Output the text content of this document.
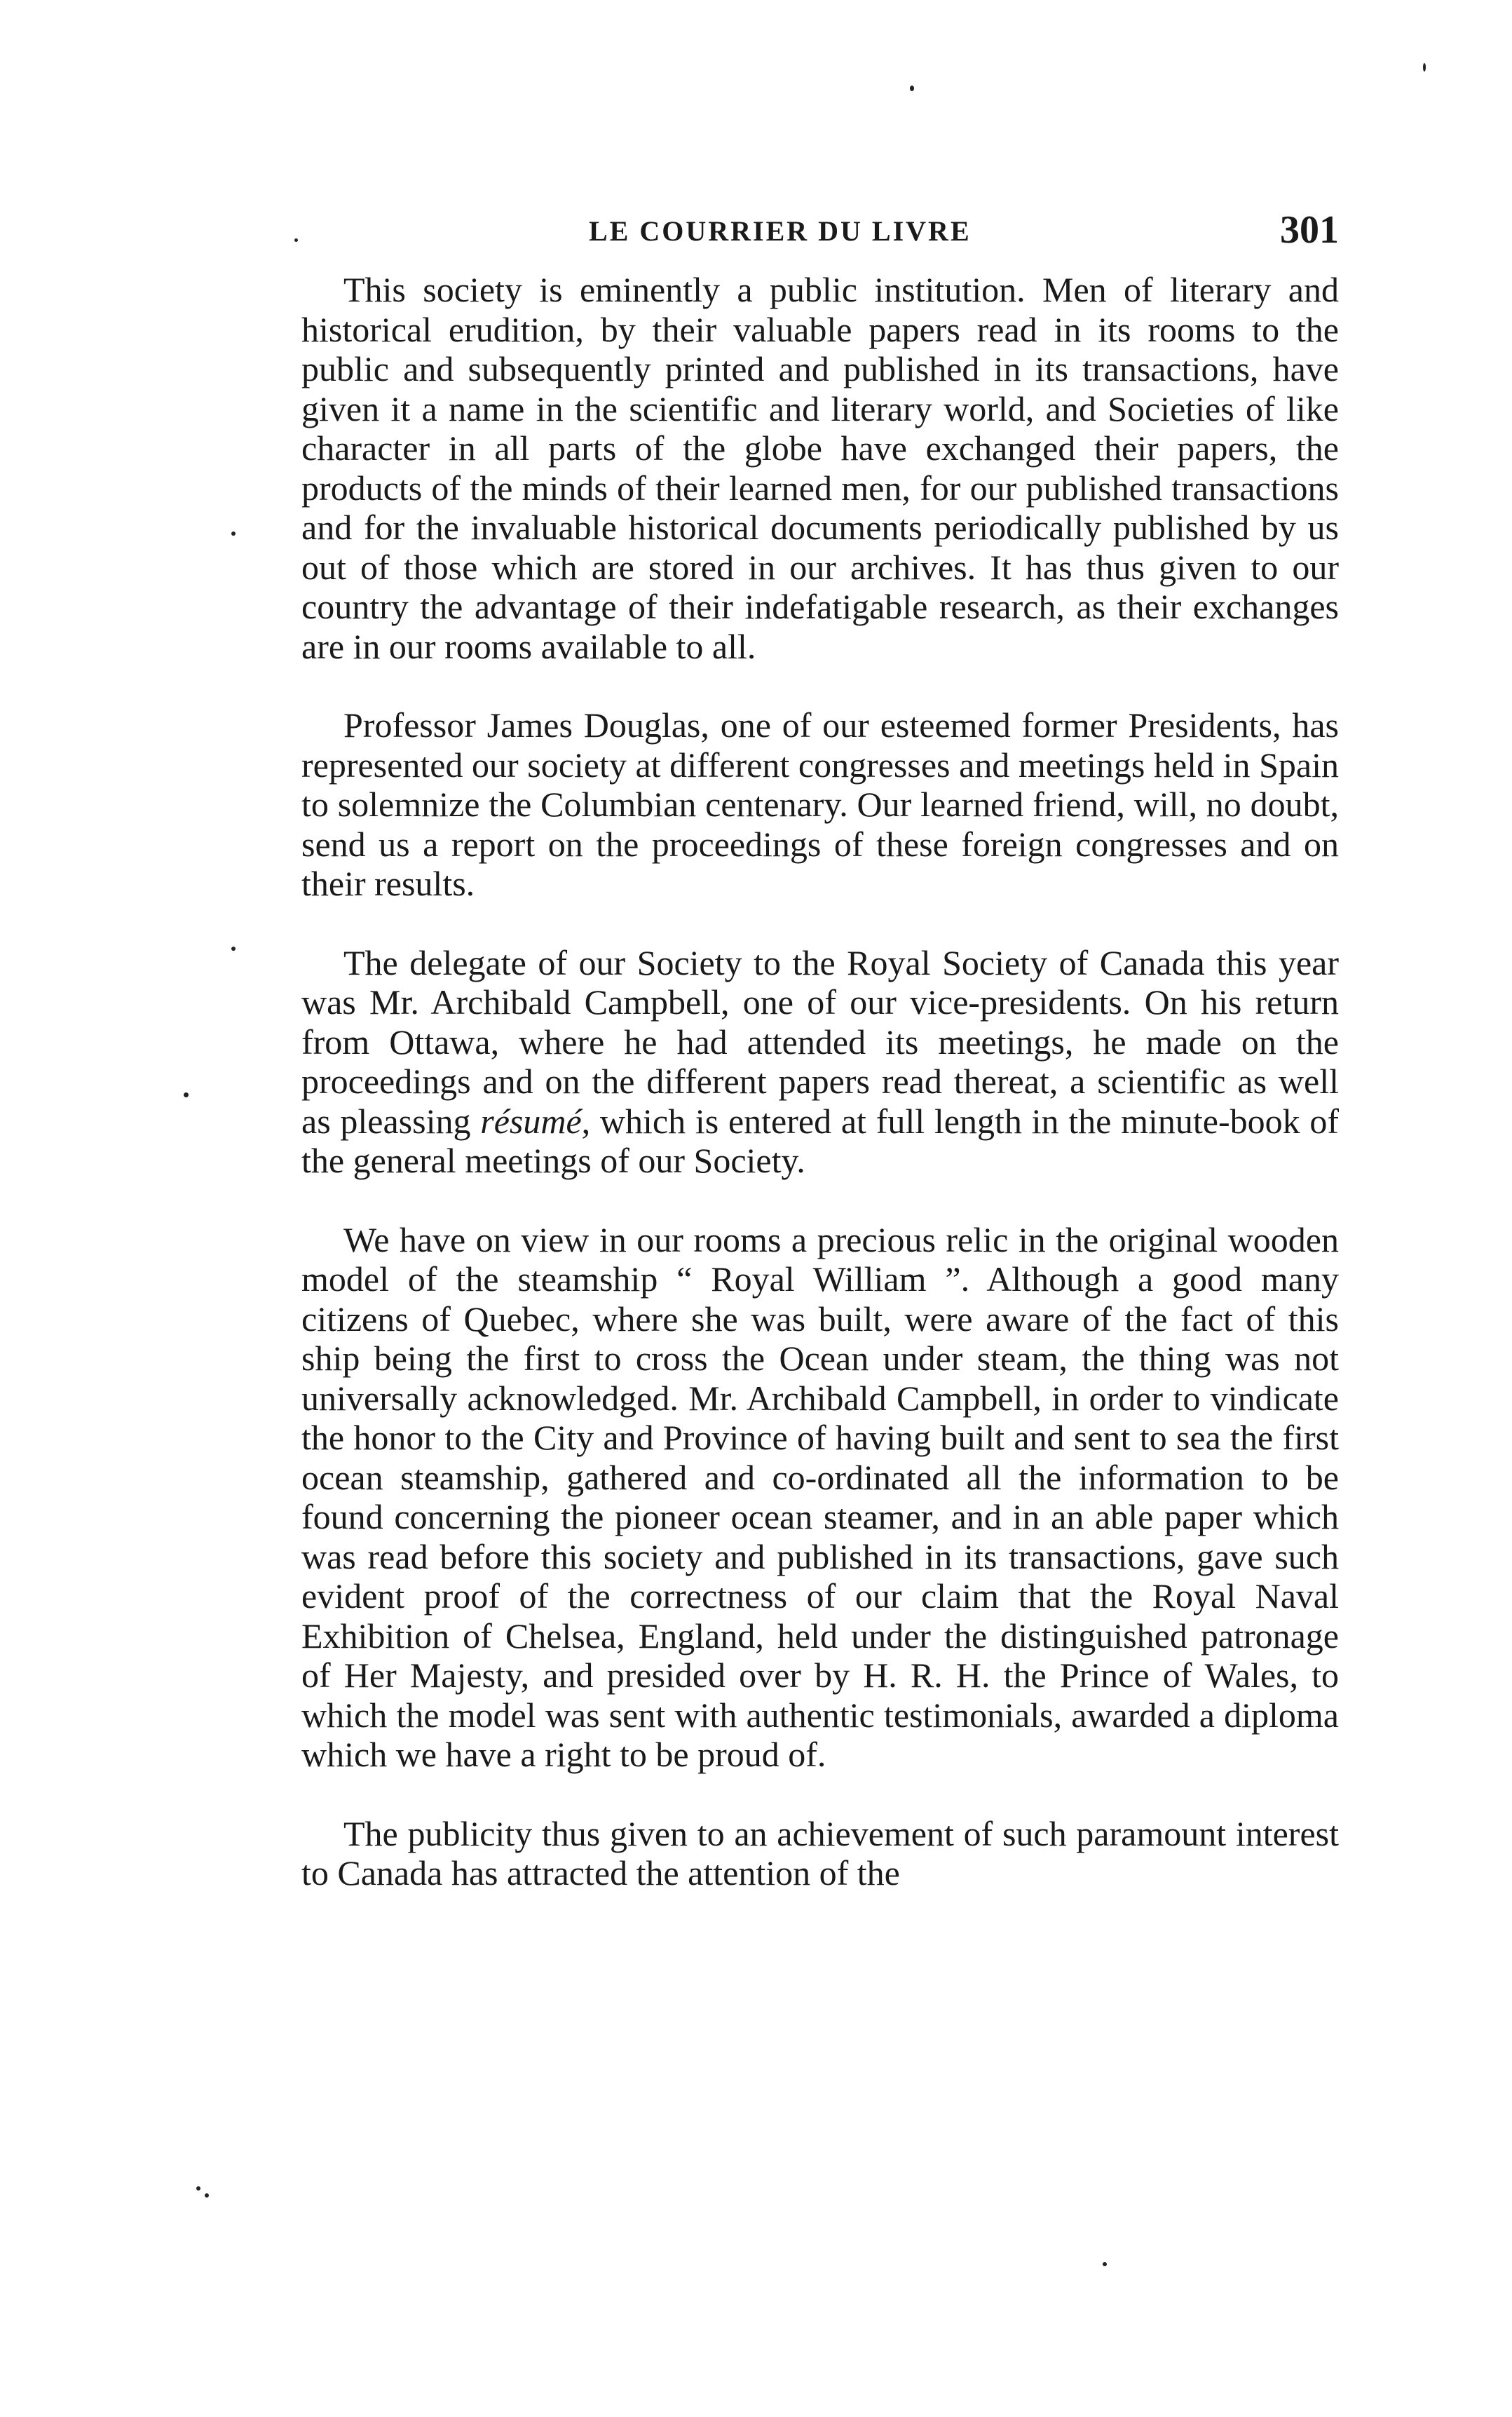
LE COURRIER DU LIVRE	301

This society is eminently a public institution. Men of literary and historical erudition, by their valuable papers read in its rooms to the public and subsequently printed and published in its transactions, have given it a name in the scientific and literary world, and Societies of like character in all parts of the globe have exchanged their papers, the products of the minds of their learned men, for our published transactions and for the invaluable historical documents periodically published by us out of those which are stored in our archives. It has thus given to our country the advantage of their indefatigable research, as their exchanges are in our rooms available to all.

Professor James Douglas, one of our esteemed former Presidents, has represented our society at different congresses and meetings held in Spain to solemnize the Columbian centenary. Our learned friend, will, no doubt, send us a report on the proceedings of these foreign congresses and on their results.

The delegate of our Society to the Royal Society of Canada this year was Mr. Archibald Campbell, one of our vice-presidents. On his return from Ottawa, where he had attended its meetings, he made on the proceedings and on the different papers read thereat, a scientific as well as pleassing résumé, which is entered at full length in the minute-book of the general meetings of our Society.

We have on view in our rooms a precious relic in the original wooden model of the steamship “ Royal William ”. Although a good many citizens of Quebec, where she was built, were aware of the fact of this ship being the first to cross the Ocean under steam, the thing was not universally acknowledged. Mr. Archibald Campbell, in order to vindicate the honor to the City and Province of having built and sent to sea the first ocean steamship, gathered and co-ordinated all the information to be found concerning the pioneer ocean steamer, and in an able paper which was read before this society and published in its transactions, gave such evident proof of the correctness of our claim that the Royal Naval Exhibition of Chelsea, England, held under the distinguished patronage of Her Majesty, and presided over by H. R. H. the Prince of Wales, to which the model was sent with authentic testimonials, awarded a diploma which we have a right to be proud of.

The publicity thus given to an achievement of such paramount interest to Canada has attracted the attention of the
